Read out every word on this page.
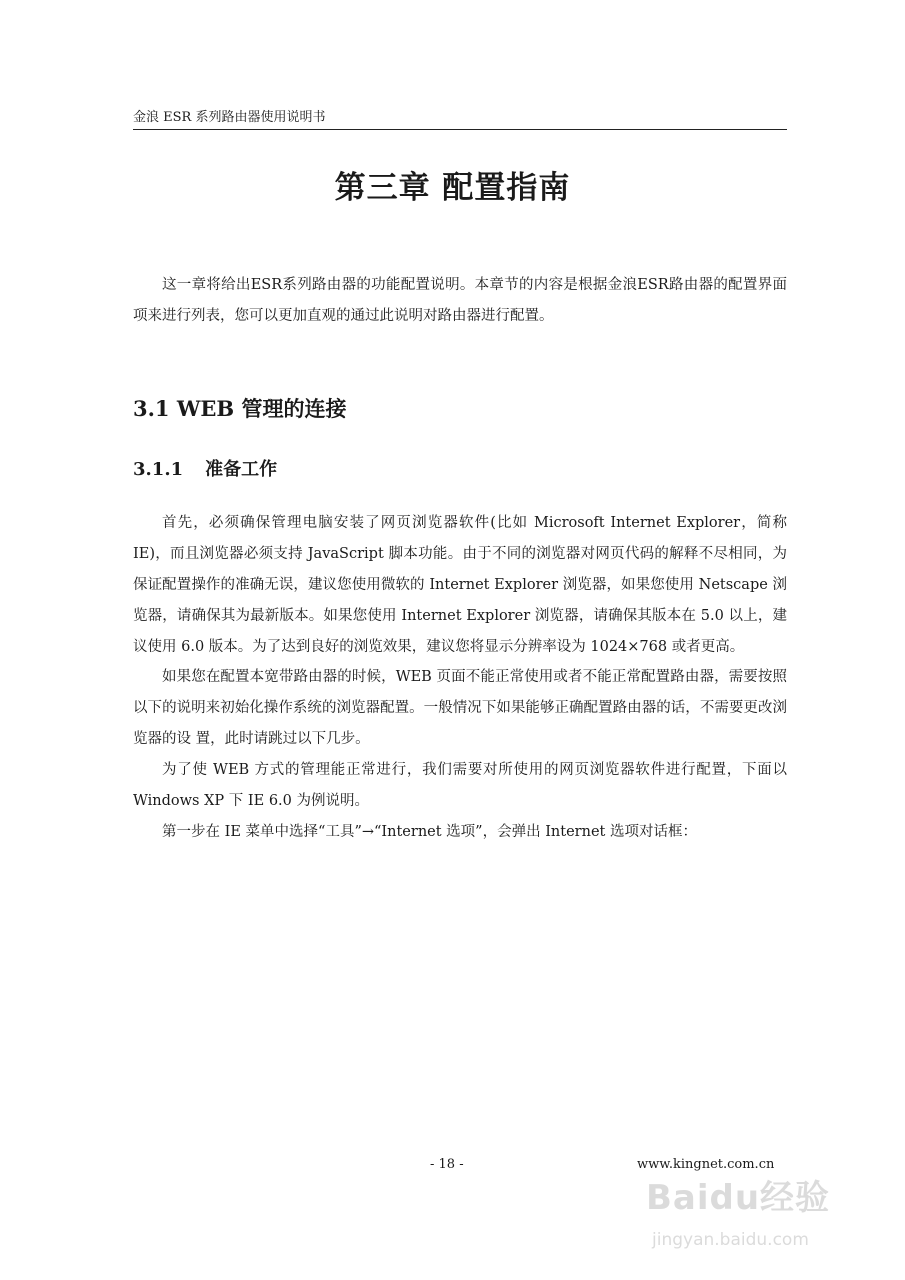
金浪 ESR 系列路由器使用说明书
第三章 配置指南

这一章将给出ESR系列路由器的功能配置说明。本章节的内容是根据金浪ESR路由器的配置界面项来进行列表，您可以更加直观的通过此说明对路由器进行配置。

3.1 WEB 管理的连接
3.1.1 准备工作

首先，必须确保管理电脑安装了网页浏览器软件(比如 Microsoft Internet Explorer，简称 IE)，而且浏览器必须支持 JavaScript 脚本功能。由于不同的浏览器对网页代码的解释不尽相同，为保证配置操作的准确无误，建议您使用微软的 Internet Explorer 浏览器，如果您使用 Netscape 浏览器，请确保其为最新版本。如果您使用 Internet Explorer 浏览器，请确保其版本在 5.0 以上，建议使用 6.0 版本。为了达到良好的浏览效果，建议您将显示分辨率设为 1024×768 或者更高。

如果您在配置本宽带路由器的时候，WEB 页面不能正常使用或者不能正常配置路由器，需要按照以下的说明来初始化操作系统的浏览器配置。一般情况下如果能够正确配置路由器的话，不需要更改浏览器的设 置，此时请跳过以下几步。

为了使 WEB 方式的管理能正常进行，我们需要对所使用的网页浏览器软件进行配置，下面以 Windows XP 下 IE 6.0 为例说明。

第一步在 IE 菜单中选择“工具”→“Internet 选项”，会弹出 Internet 选项对话框：

- 18 -	www.kingnet.com.cn
Baidu经验
jingyan.baidu.com
